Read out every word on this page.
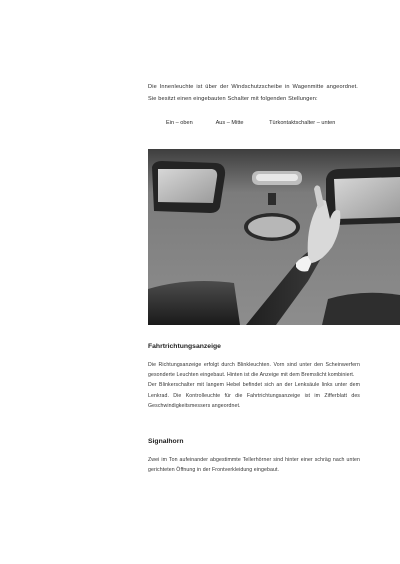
Die Innenleuchte ist über der Windschutzscheibe in Wagenmitte angeordnet. Sie besitzt einen eingebauten Schalter mit folgenden Stellungen:

Ein – oben	Aus – Mitte	Türkontaktschalter – unten
Fahrtrichtungsanzeige

Die Richtungsanzeige erfolgt durch Blinkleuchten. Vorn sind unter den Scheinwerfern gesonderte Leuchten eingebaut. Hinten ist die Anzeige mit dem Bremslicht kombiniert.

Der Blinkerschalter mit langem Hebel befindet sich an der Lenksäule links unter dem Lenkrad. Die Kontrolleuchte für die Fahrtrichtungsanzeige ist im Zifferblatt des Geschwindigkeitsmessers angeordnet.

Signalhorn

Zwei im Ton aufeinander abgestimmte Tellerhörner sind hinter einer schräg nach unten gerichteten Öffnung in der Frontverkleidung eingebaut.
